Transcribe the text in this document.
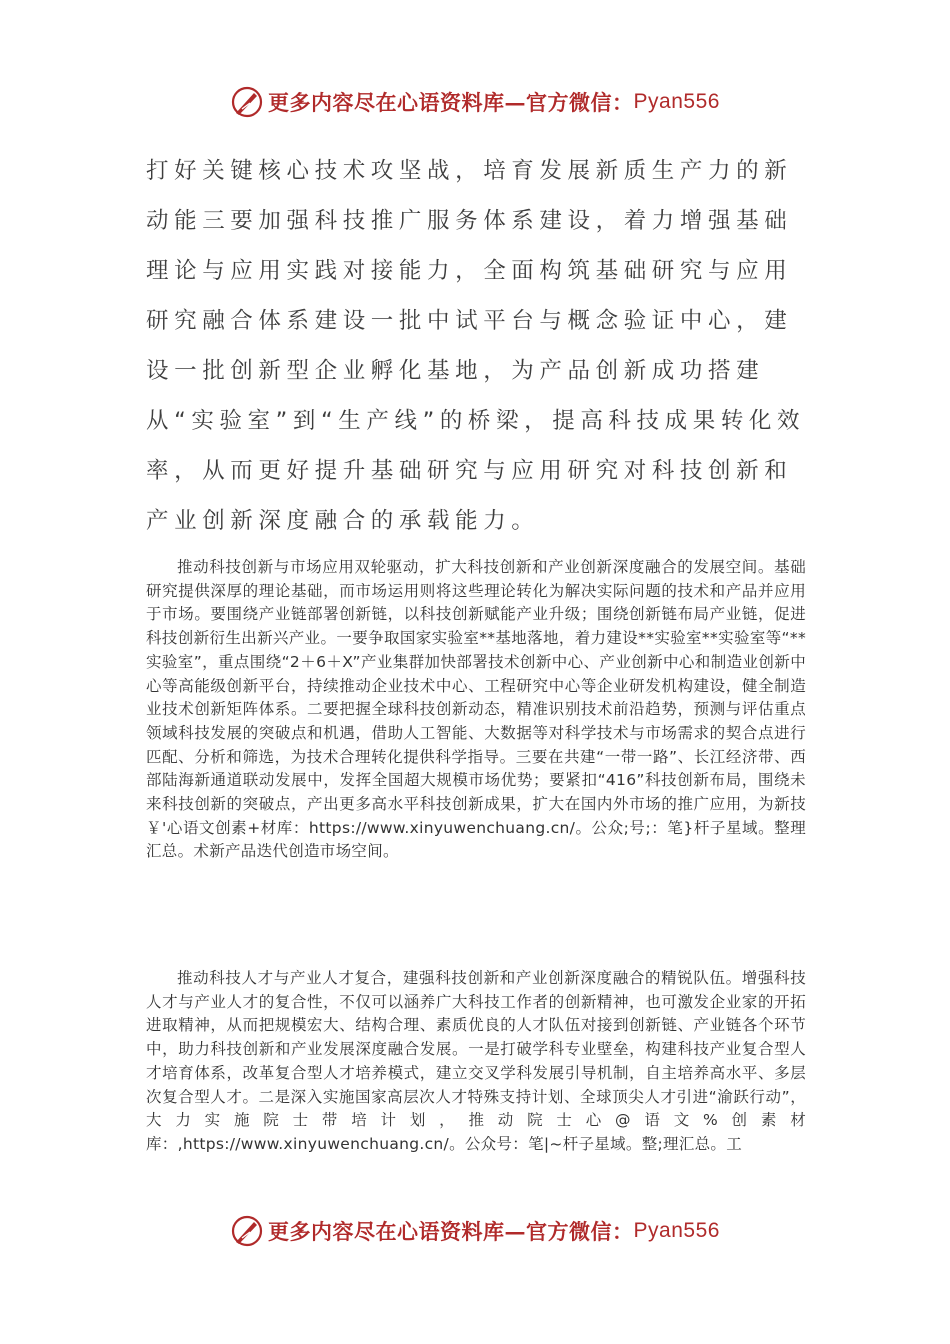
更多内容尽在心语资料库—官方微信： Pyan556
打好关键核心技术攻坚战，培育发展新质生产力的新动能三要加强科技推广服务体系建设，着力增强基础理论与应用实践对接能力，全面构筑基础研究与应用研究融合体系建设一批中试平台与概念验证中心，建设一批创新型企业孵化基地，为产品创新成功搭建从“实验室”到“生产线”的桥梁，提高科技成果转化效率，从而更好提升基础研究与应用研究对科技创新和产业创新深度融合的承载能力。

推动科技创新与市场应用双轮驱动，扩大科技创新和产业创新深度融合的发展空间。基础研究提供深厚的理论基础，而市场运用则将这些理论转化为解决实际问题的技术和产品并应用于市场。要围绕产业链部署创新链，以科技创新赋能产业升级；围绕创新链布局产业链，促进科技创新衍生出新兴产业。一要争取国家实验室**基地落地，着力建设**实验室**实验室等“**实验室”，重点围绕“2＋6＋X”产业集群加快部署技术创新中心、产业创新中心和制造业创新中心等高能级创新平台，持续推动企业技术中心、工程研究中心等企业研发机构建设，健全制造业技术创新矩阵体系。二要把握全球科技创新动态，精准识别技术前沿趋势，预测与评估重点领域科技发展的突破点和机遇，借助人工智能、大数据等对科学技术与市场需求的契合点进行匹配、分析和筛选，为技术合理转化提供科学指导。三要在共建“一带一路”、长江经济带、西部陆海新通道联动发展中，发挥全国超大规模市场优势；要紧扣“416”科技创新布局，围绕未来科技创新的突破点，产出更多高水平科技创新成果，扩大在国内外市场的推广应用，为新技￥'心语文创素+材库：https://www.xinyuwenchuang.cn/。公众;号;：笔}杆子星域。整理汇总。术新产品迭代创造市场空间。

推动科技人才与产业人才复合，建强科技创新和产业创新深度融合的精锐队伍。增强科技人才与产业人才的复合性，不仅可以涵养广大科技工作者的创新精神，也可激发企业家的开拓进取精神，从而把规模宏大、结构合理、素质优良的人才队伍对接到创新链、产业链各个环节中，助力科技创新和产业发展深度融合发展。一是打破学科专业壁垒，构建科技产业复合型人才培育体系，改革复合型人才培养模式，建立交叉学科发展引导机制，自主培养高水平、多层次复合型人才。二是深入实施国家高层次人才特殊支持计划、全球顶尖人才引进“渝跃行动”，大力实施院士带培计划，推动院士心@语文%创素材库：,https://www.xinyuwenchuang.cn/。公众号：笔|~杆子星域。整;理汇总。工

更多内容尽在心语资料库—官方微信： Pyan556
